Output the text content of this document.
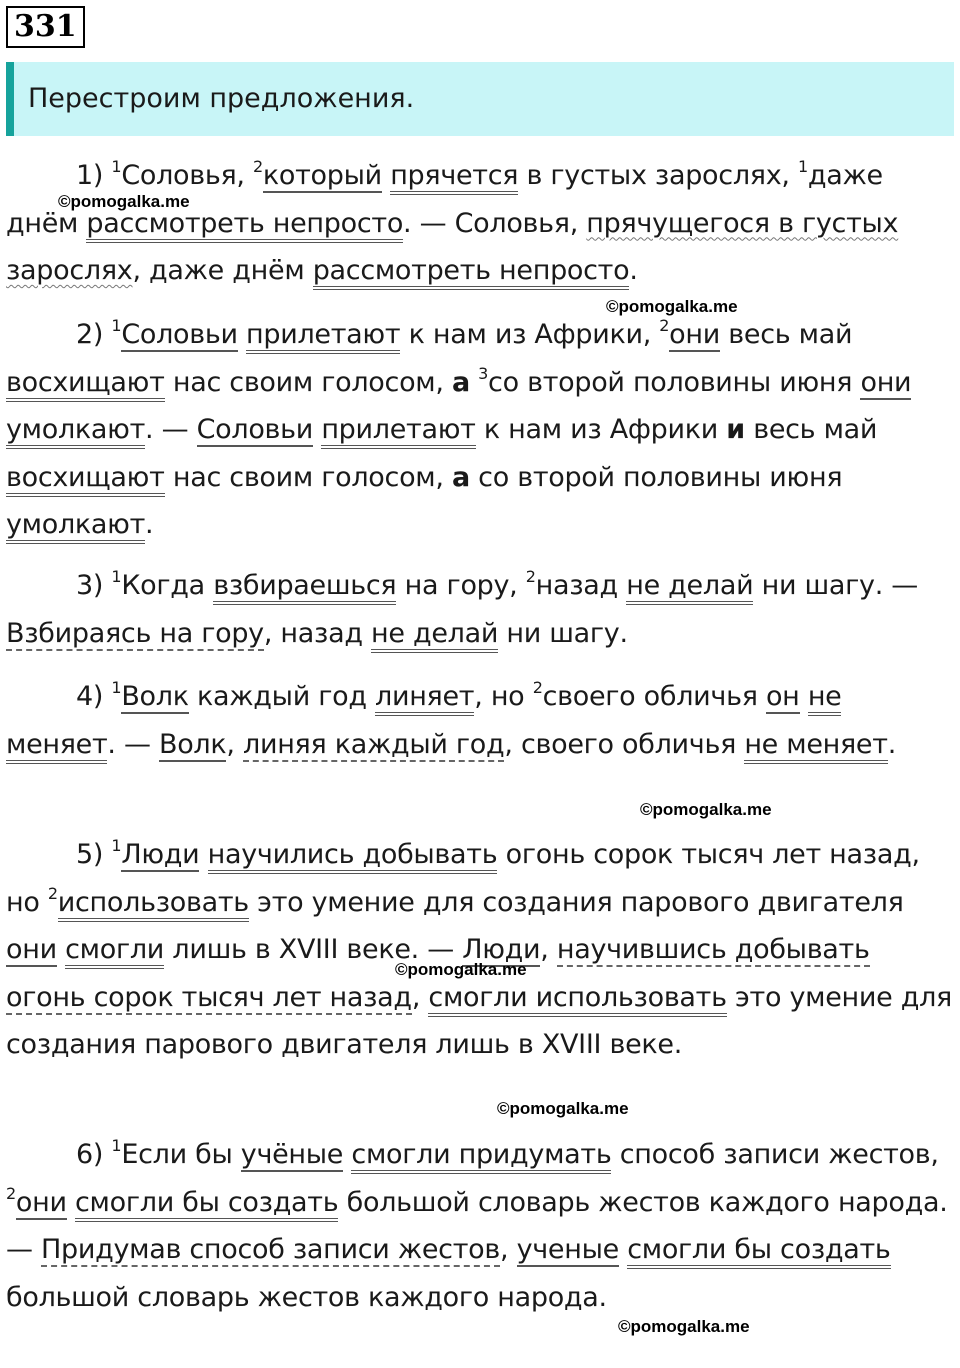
331
Перестроим предложения.
1) $^1$Соловья, $^2$который прячется в густых зарослях, $^1$даже днём рассмотреть непросто. — Соловья, прячущегося в густых зарослях, даже днём рассмотреть непросто.
2) $^1$Соловьи прилетают к нам из Африки, $^2$они весь май восхищают нас своим голосом, а $^3$со второй половины июня они умолкают. — Соловьи прилетают к нам из Африки и весь май восхищают нас своим голосом, а со второй половины июня умолкают.
3) $^1$Когда взбираешься на гору, $^2$назад не делай ни шагу. — Взбираясь на гору, назад не делай ни шагу.
4) $^1$Волк каждый год линяет, но $^2$своего обличья он не меняет. — Волк, линяя каждый год, своего обличья не меняет.
5) $^1$Люди научились добывать огонь сорок тысяч лет назад, но $^2$использовать это умение для создания парового двигателя они смогли лишь в XVIII веке. — Люди, научившись добывать огонь сорок тысяч лет назад, смогли использовать это умение для создания парового двигателя лишь в XVIII веке.
6) $^1$Если бы учёные смогли придумать способ записи жестов, $^2$они смогли бы создать большой словарь жестов каждого народа. — Придумав способ записи жестов, ученые смогли бы создать большой словарь жестов каждого народа.
©pomogalka.me
©pomogalka.me
©pomogalka.me
©pomogalka.me
©pomogalka.me
©pomogalka.me
